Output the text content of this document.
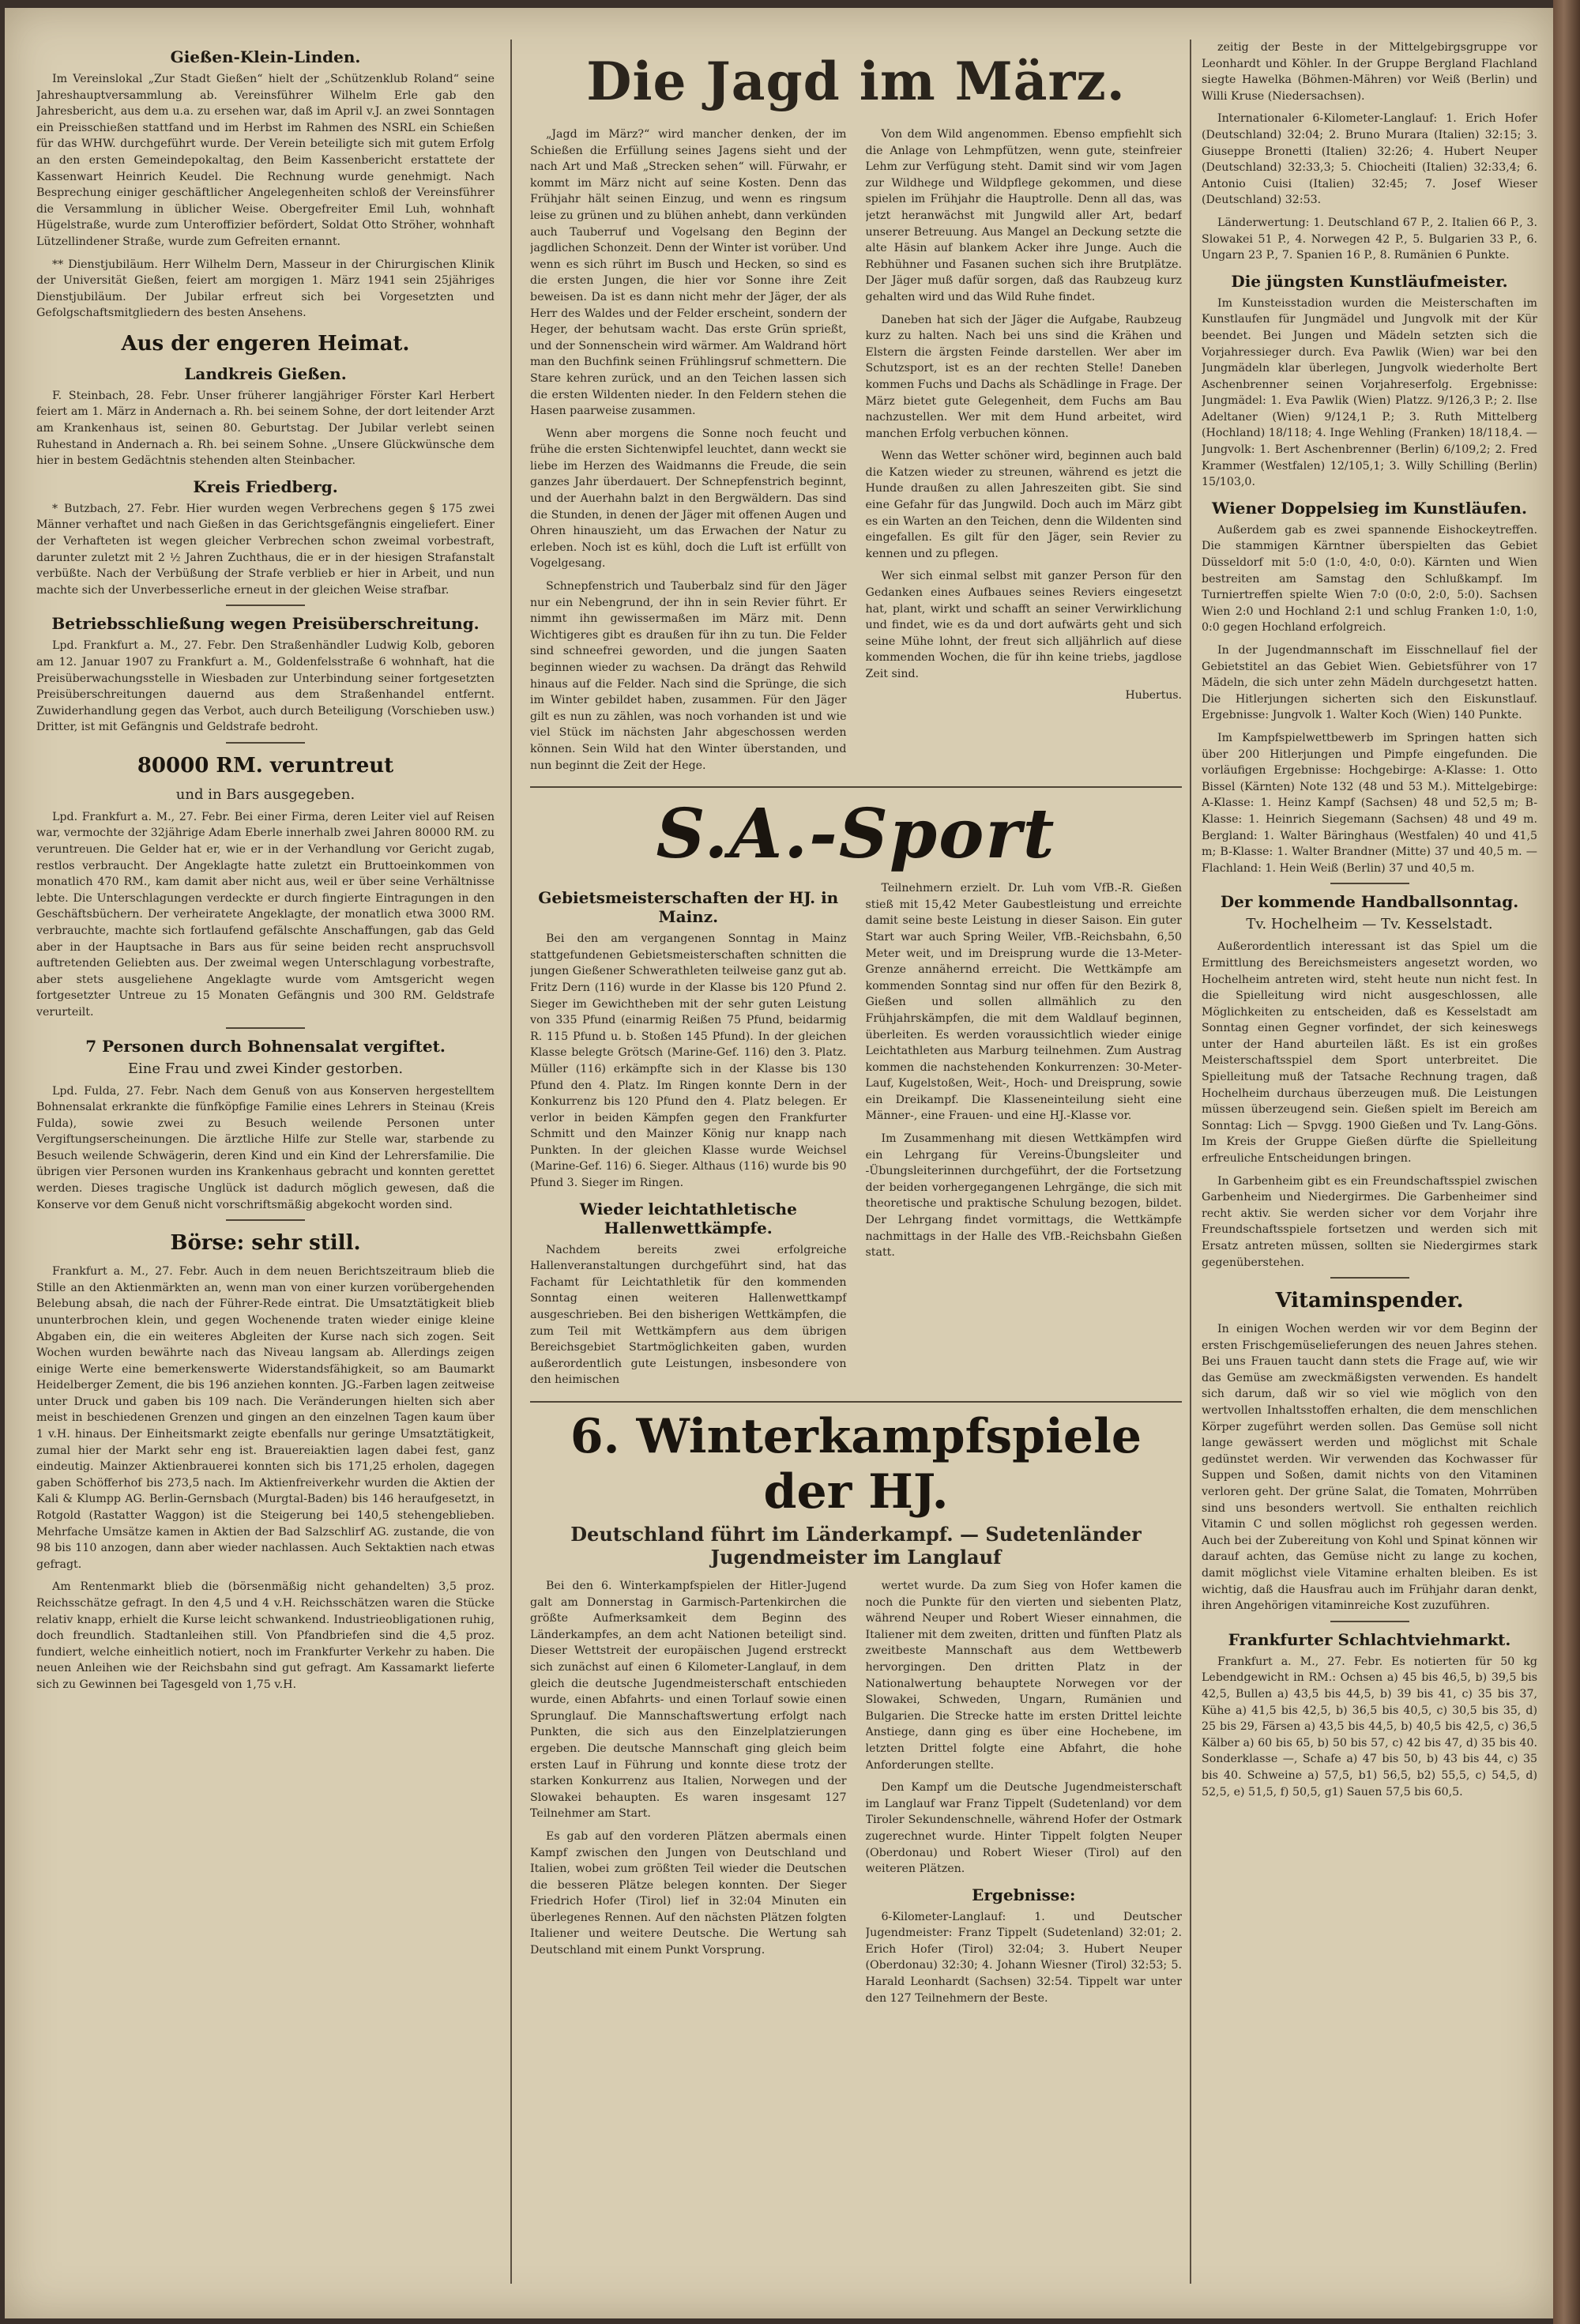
Gießen-Klein-Linden.

Im Vereinslokal „Zur Stadt Gießen“ hielt der „Schützenklub Roland“ seine Jahreshauptversammlung ab. Vereinsführer Wilhelm Erle gab den Jahresbericht, aus dem u.a. zu ersehen war, daß im April v.J. an zwei Sonntagen ein Preisschießen stattfand und im Herbst im Rahmen des NSRL ein Schießen für das WHW. durchgeführt wurde. Der Verein beteiligte sich mit gutem Erfolg an den ersten Gemeindepokaltag, den Beim Kassenbericht erstattete der Kassenwart Heinrich Keudel. Die Rechnung wurde genehmigt. Nach Besprechung einiger geschäftlicher Angelegenheiten schloß der Vereinsführer die Versammlung in üblicher Weise. Obergefreiter Emil Luh, wohnhaft Hügelstraße, wurde zum Unteroffizier befördert, Soldat Otto Ströher, wohnhaft Lützellindener Straße, wurde zum Gefreiten ernannt.

** Dienstjubiläum. Herr Wilhelm Dern, Masseur in der Chirurgischen Klinik der Universität Gießen, feiert am morgigen 1. März 1941 sein 25jähriges Dienstjubiläum. Der Jubilar erfreut sich bei Vorgesetzten und Gefolgschaftsmitgliedern des besten Ansehens.

Aus der engeren Heimat.
Landkreis Gießen.

F. Steinbach, 28. Febr. Unser früherer langjähriger Förster Karl Herbert feiert am 1. März in Andernach a. Rh. bei seinem Sohne, der dort leitender Arzt am Krankenhaus ist, seinen 80. Geburtstag. Der Jubilar verlebt seinen Ruhestand in Andernach a. Rh. bei seinem Sohne. „Unsere Glückwünsche dem hier in bestem Gedächtnis stehenden alten Steinbacher.

Kreis Friedberg.

* Butzbach, 27. Febr. Hier wurden wegen Verbrechens gegen § 175 zwei Männer verhaftet und nach Gießen in das Gerichtsgefängnis eingeliefert. Einer der Verhafteten ist wegen gleicher Verbrechen schon zweimal vorbestraft, darunter zuletzt mit 2 ½ Jahren Zuchthaus, die er in der hiesigen Strafanstalt verbüßte. Nach der Verbüßung der Strafe verblieb er hier in Arbeit, und nun machte sich der Unverbesserliche erneut in der gleichen Weise strafbar.

Betriebsschließung wegen Preisüberschreitung.

Lpd. Frankfurt a. M., 27. Febr. Den Straßenhändler Ludwig Kolb, geboren am 12. Januar 1907 zu Frankfurt a. M., Goldenfelsstraße 6 wohnhaft, hat die Preisüberwachungsstelle in Wiesbaden zur Unterbindung seiner fortgesetzten Preisüberschreitungen dauernd aus dem Straßenhandel entfernt. Zuwiderhandlung gegen das Verbot, auch durch Beteiligung (Vorschieben usw.) Dritter, ist mit Gefängnis und Geldstrafe bedroht.

80000 RM. veruntreut
und in Bars ausgegeben.

Lpd. Frankfurt a. M., 27. Febr. Bei einer Firma, deren Leiter viel auf Reisen war, vermochte der 32jährige Adam Eberle innerhalb zwei Jahren 80000 RM. zu veruntreuen. Die Gelder hat er, wie er in der Verhandlung vor Gericht zugab, restlos verbraucht. Der Angeklagte hatte zuletzt ein Bruttoeinkommen von monatlich 470 RM., kam damit aber nicht aus, weil er über seine Verhältnisse lebte. Die Unterschlagungen verdeckte er durch fingierte Eintragungen in den Geschäftsbüchern. Der verheiratete Angeklagte, der monatlich etwa 3000 RM. verbrauchte, machte sich fortlaufend gefälschte Anschaffungen, gab das Geld aber in der Hauptsache in Bars aus für seine beiden recht anspruchsvoll auftretenden Geliebten aus. Der zweimal wegen Unterschlagung vorbestrafte, aber stets ausgeliehene Angeklagte wurde vom Amtsgericht wegen fortgesetzter Untreue zu 15 Monaten Gefängnis und 300 RM. Geldstrafe verurteilt.

7 Personen durch Bohnensalat vergiftet.
Eine Frau und zwei Kinder gestorben.

Lpd. Fulda, 27. Febr. Nach dem Genuß von aus Konserven hergestelltem Bohnensalat erkrankte die fünfköpfige Familie eines Lehrers in Steinau (Kreis Fulda), sowie zwei zu Besuch weilende Personen unter Vergiftungserscheinungen. Die ärztliche Hilfe zur Stelle war, starbende zu Besuch weilende Schwägerin, deren Kind und ein Kind der Lehrersfamilie. Die übrigen vier Personen wurden ins Krankenhaus gebracht und konnten gerettet werden. Dieses tragische Unglück ist dadurch möglich gewesen, daß die Konserve vor dem Genuß nicht vorschriftsmäßig abgekocht worden sind.

Börse: sehr still.

Frankfurt a. M., 27. Febr. Auch in dem neuen Berichtszeitraum blieb die Stille an den Aktienmärkten an, wenn man von einer kurzen vorübergehenden Belebung absah, die nach der Führer-Rede eintrat. Die Umsatztätigkeit blieb ununterbrochen klein, und gegen Wochenende traten wieder einige kleine Abgaben ein, die ein weiteres Abgleiten der Kurse nach sich zogen. Seit Wochen wurden bewährte nach das Niveau langsam ab. Allerdings zeigen einige Werte eine bemerkenswerte Widerstandsfähigkeit, so am Baumarkt Heidelberger Zement, die bis 196 anziehen konnten. JG.-Farben lagen zeitweise unter Druck und gaben bis 109 nach. Die Veränderungen hielten sich aber meist in beschiedenen Grenzen und gingen an den einzelnen Tagen kaum über 1 v.H. hinaus. Der Einheitsmarkt zeigte ebenfalls nur geringe Umsatztätigkeit, zumal hier der Markt sehr eng ist. Brauereiaktien lagen dabei fest, ganz eindeutig. Mainzer Aktienbrauerei konnten sich bis 171,25 erholen, dagegen gaben Schöfferhof bis 273,5 nach. Im Aktienfreiverkehr wurden die Aktien der Kali & Klumpp AG. Berlin-Gernsbach (Murgtal-Baden) bis 146 heraufgesetzt, in Rotgold (Rastatter Waggon) ist die Steigerung bei 140,5 stehengeblieben. Mehrfache Umsätze kamen in Aktien der Bad Salzschlirf AG. zustande, die von 98 bis 110 anzogen, dann aber wieder nachlassen. Auch Sektaktien nach etwas gefragt.

Am Rentenmarkt blieb die (börsenmäßig nicht gehandelten) 3,5 proz. Reichsschätze gefragt. In den 4,5 und 4 v.H. Reichsschätzen waren die Stücke relativ knapp, erhielt die Kurse leicht schwankend. Industrieobligationen ruhig, doch freundlich. Stadtanleihen still. Von Pfandbriefen sind die 4,5 proz. fundiert, welche einheitlich notiert, noch im Frankfurter Verkehr zu haben. Die neuen Anleihen wie der Reichsbahn sind gut gefragt. Am Kassamarkt lieferte sich zu Gewinnen bei Tagesgeld von 1,75 v.H.

Die Jagd im März.

„Jagd im März?“ wird mancher denken, der im Schießen die Erfüllung seines Jagens sieht und der nach Art und Maß „Strecken sehen“ will. Fürwahr, er kommt im März nicht auf seine Kosten. Denn das Frühjahr hält seinen Einzug, und wenn es ringsum leise zu grünen und zu blühen anhebt, dann verkünden auch Tauberruf und Vogelsang den Beginn der jagdlichen Schonzeit. Denn der Winter ist vorüber. Und wenn es sich rührt im Busch und Hecken, so sind es die ersten Jungen, die hier vor Sonne ihre Zeit beweisen. Da ist es dann nicht mehr der Jäger, der als Herr des Waldes und der Felder erscheint, sondern der Heger, der behutsam wacht. Das erste Grün sprießt, und der Sonnenschein wird wärmer. Am Waldrand hört man den Buchfink seinen Frühlingsruf schmettern. Die Stare kehren zurück, und an den Teichen lassen sich die ersten Wildenten nieder. In den Feldern stehen die Hasen paarweise zusammen.

Wenn aber morgens die Sonne noch feucht und frühe die ersten Sichtenwipfel leuchtet, dann weckt sie liebe im Herzen des Waidmanns die Freude, die sein ganzes Jahr überdauert. Der Schnepfenstrich beginnt, und der Auerhahn balzt in den Bergwäldern. Das sind die Stunden, in denen der Jäger mit offenen Augen und Ohren hinauszieht, um das Erwachen der Natur zu erleben. Noch ist es kühl, doch die Luft ist erfüllt von Vogelgesang.

Schnepfenstrich und Tauberbalz sind für den Jäger nur ein Nebengrund, der ihn in sein Revier führt. Er nimmt ihn gewissermaßen im März mit. Denn Wichtigeres gibt es draußen für ihn zu tun. Die Felder sind schneefrei geworden, und die jungen Saaten beginnen wieder zu wachsen. Da drängt das Rehwild hinaus auf die Felder. Nach sind die Sprünge, die sich im Winter gebildet haben, zusammen. Für den Jäger gilt es nun zu zählen, was noch vorhanden ist und wie viel Stück im nächsten Jahr abgeschossen werden können. Sein Wild hat den Winter überstanden, und nun beginnt die Zeit der Hege.

Von dem Wild angenommen. Ebenso empfiehlt sich die Anlage von Lehmpfützen, wenn gute, steinfreier Lehm zur Verfügung steht. Damit sind wir vom Jagen zur Wildhege und Wildpflege gekommen, und diese spielen im Frühjahr die Hauptrolle. Denn all das, was jetzt heranwächst mit Jungwild aller Art, bedarf unserer Betreuung. Aus Mangel an Deckung setzte die alte Häsin auf blankem Acker ihre Junge. Auch die Rebhühner und Fasanen suchen sich ihre Brutplätze. Der Jäger muß dafür sorgen, daß das Raubzeug kurz gehalten wird und das Wild Ruhe findet.

Daneben hat sich der Jäger die Aufgabe, Raubzeug kurz zu halten. Nach bei uns sind die Krähen und Elstern die ärgsten Feinde darstellen. Wer aber im Schutzsport, ist es an der rechten Stelle! Daneben kommen Fuchs und Dachs als Schädlinge in Frage. Der März bietet gute Gelegenheit, dem Fuchs am Bau nachzustellen. Wer mit dem Hund arbeitet, wird manchen Erfolg verbuchen können.

Wenn das Wetter schöner wird, beginnen auch bald die Katzen wieder zu streunen, während es jetzt die Hunde draußen zu allen Jahreszeiten gibt. Sie sind eine Gefahr für das Jungwild. Doch auch im März gibt es ein Warten an den Teichen, denn die Wildenten sind eingefallen. Es gilt für den Jäger, sein Revier zu kennen und zu pflegen.

Wer sich einmal selbst mit ganzer Person für den Gedanken eines Aufbaues seines Reviers eingesetzt hat, plant, wirkt und schafft an seiner Verwirklichung und findet, wie es da und dort aufwärts geht und sich seine Mühe lohnt, der freut sich alljährlich auf diese kommenden Wochen, die für ihn keine triebs, jagdlose Zeit sind.

Hubertus.
S.A.-Sport
Gebietsmeisterschaften der HJ. in Mainz.

Bei den am vergangenen Sonntag in Mainz stattgefundenen Gebietsmeisterschaften schnitten die jungen Gießener Schwerathleten teilweise ganz gut ab. Fritz Dern (116) wurde in der Klasse bis 120 Pfund 2. Sieger im Gewichtheben mit der sehr guten Leistung von 335 Pfund (einarmig Reißen 75 Pfund, beidarmig R. 115 Pfund u. b. Stoßen 145 Pfund). In der gleichen Klasse belegte Grötsch (Marine-Gef. 116) den 3. Platz. Müller (116) erkämpfte sich in der Klasse bis 130 Pfund den 4. Platz. Im Ringen konnte Dern in der Konkurrenz bis 120 Pfund den 4. Platz belegen. Er verlor in beiden Kämpfen gegen den Frankfurter Schmitt und den Mainzer König nur knapp nach Punkten. In der gleichen Klasse wurde Weichsel (Marine-Gef. 116) 6. Sieger. Althaus (116) wurde bis 90 Pfund 3. Sieger im Ringen.

Wieder leichtathletische Hallenwettkämpfe.

Nachdem bereits zwei erfolgreiche Hallenveranstaltungen durchgeführt sind, hat das Fachamt für Leichtathletik für den kommenden Sonntag einen weiteren Hallenwettkampf ausgeschrieben. Bei den bisherigen Wettkämpfen, die zum Teil mit Wettkämpfern aus dem übrigen Bereichsgebiet Startmöglichkeiten gaben, wurden außerordentlich gute Leistungen, insbesondere von den heimischen

Teilnehmern erzielt. Dr. Luh vom VfB.-R. Gießen stieß mit 15,42 Meter Gaubestleistung und erreichte damit seine beste Leistung in dieser Saison. Ein guter Start war auch Spring Weiler, VfB.-Reichsbahn, 6,50 Meter weit, und im Dreisprung wurde die 13-Meter-Grenze annähernd erreicht. Die Wettkämpfe am kommenden Sonntag sind nur offen für den Bezirk 8, Gießen und sollen allmählich zu den Frühjahrskämpfen, die mit dem Waldlauf beginnen, überleiten. Es werden voraussichtlich wieder einige Leichtathleten aus Marburg teilnehmen. Zum Austrag kommen die nachstehenden Konkurrenzen: 30-Meter-Lauf, Kugelstoßen, Weit-, Hoch- und Dreisprung, sowie ein Dreikampf. Die Klasseneinteilung sieht eine Männer-, eine Frauen- und eine HJ.-Klasse vor.

Im Zusammenhang mit diesen Wettkämpfen wird ein Lehrgang für Vereins-Übungsleiter und -Übungsleiterinnen durchgeführt, der die Fortsetzung der beiden vorhergegangenen Lehrgänge, die sich mit theoretische und praktische Schulung bezogen, bildet. Der Lehrgang findet vormittags, die Wettkämpfe nachmittags in der Halle des VfB.-Reichsbahn Gießen statt.

6. Winterkampfspiele der HJ.
Deutschland führt im Länderkampf. — Sudetenländer Jugendmeister im Langlauf

Bei den 6. Winterkampfspielen der Hitler-Jugend galt am Donnerstag in Garmisch-Partenkirchen die größte Aufmerksamkeit dem Beginn des Länderkampfes, an dem acht Nationen beteiligt sind. Dieser Wettstreit der europäischen Jugend erstreckt sich zunächst auf einen 6 Kilometer-Langlauf, in dem gleich die deutsche Jugendmeisterschaft entschieden wurde, einen Abfahrts- und einen Torlauf sowie einen Sprunglauf. Die Mannschaftswertung erfolgt nach Punkten, die sich aus den Einzelplatzierungen ergeben. Die deutsche Mannschaft ging gleich beim ersten Lauf in Führung und konnte diese trotz der starken Konkurrenz aus Italien, Norwegen und der Slowakei behaupten. Es waren insgesamt 127 Teilnehmer am Start.

Es gab auf den vorderen Plätzen abermals einen Kampf zwischen den Jungen von Deutschland und Italien, wobei zum größten Teil wieder die Deutschen die besseren Plätze belegen konnten. Der Sieger Friedrich Hofer (Tirol) lief in 32:04 Minuten ein überlegenes Rennen. Auf den nächsten Plätzen folgten Italiener und weitere Deutsche. Die Wertung sah Deutschland mit einem Punkt Vorsprung.

wertet wurde. Da zum Sieg von Hofer kamen die noch die Punkte für den vierten und siebenten Platz, während Neuper und Robert Wieser einnahmen, die Italiener mit dem zweiten, dritten und fünften Platz als zweitbeste Mannschaft aus dem Wettbewerb hervorgingen. Den dritten Platz in der Nationalwertung behauptete Norwegen vor der Slowakei, Schweden, Ungarn, Rumänien und Bulgarien. Die Strecke hatte im ersten Drittel leichte Anstiege, dann ging es über eine Hochebene, im letzten Drittel folgte eine Abfahrt, die hohe Anforderungen stellte.

Den Kampf um die Deutsche Jugendmeisterschaft im Langlauf war Franz Tippelt (Sudetenland) vor dem Tiroler Sekundenschnelle, während Hofer der Ostmark zugerechnet wurde. Hinter Tippelt folgten Neuper (Oberdonau) und Robert Wieser (Tirol) auf den weiteren Plätzen.

Ergebnisse:

6-Kilometer-Langlauf: 1. und Deutscher Jugendmeister: Franz Tippelt (Sudetenland) 32:01; 2. Erich Hofer (Tirol) 32:04; 3. Hubert Neuper (Oberdonau) 32:30; 4. Johann Wiesner (Tirol) 32:53; 5. Harald Leonhardt (Sachsen) 32:54. Tippelt war unter den 127 Teilnehmern der Beste.

zeitig der Beste in der Mittelgebirgsgruppe vor Leonhardt und Köhler. In der Gruppe Bergland Flachland siegte Hawelka (Böhmen-Mähren) vor Weiß (Berlin) und Willi Kruse (Niedersachsen).

Internationaler 6-Kilometer-Langlauf: 1. Erich Hofer (Deutschland) 32:04; 2. Bruno Murara (Italien) 32:15; 3. Giuseppe Bronetti (Italien) 32:26; 4. Hubert Neuper (Deutschland) 32:33,3; 5. Chiocheiti (Italien) 32:33,4; 6. Antonio Cuisi (Italien) 32:45; 7. Josef Wieser (Deutschland) 32:53.

Länderwertung: 1. Deutschland 67 P., 2. Italien 66 P., 3. Slowakei 51 P., 4. Norwegen 42 P., 5. Bulgarien 33 P., 6. Ungarn 23 P., 7. Spanien 16 P., 8. Rumänien 6 Punkte.

Die jüngsten Kunstläufmeister.

Im Kunsteisstadion wurden die Meisterschaften im Kunstlaufen für Jungmädel und Jungvolk mit der Kür beendet. Bei Jungen und Mädeln setzten sich die Vorjahressieger durch. Eva Pawlik (Wien) war bei den Jungmädeln klar überlegen, Jungvolk wiederholte Bert Aschenbrenner seinen Vorjahreserfolg. Ergebnisse: Jungmädel: 1. Eva Pawlik (Wien) Platzz. 9/126,3 P.; 2. Ilse Adeltaner (Wien) 9/124,1 P.; 3. Ruth Mittelberg (Hochland) 18/118; 4. Inge Wehling (Franken) 18/118,4. — Jungvolk: 1. Bert Aschenbrenner (Berlin) 6/109,2; 2. Fred Krammer (Westfalen) 12/105,1; 3. Willy Schilling (Berlin) 15/103,0.

Wiener Doppelsieg im Kunstläufen.

Außerdem gab es zwei spannende Eishockeytreffen. Die stammigen Kärntner überspielten das Gebiet Düsseldorf mit 5:0 (1:0, 4:0, 0:0). Kärnten und Wien bestreiten am Samstag den Schlußkampf. Im Turniertreffen spielte Wien 7:0 (0:0, 2:0, 5:0). Sachsen Wien 2:0 und Hochland 2:1 und schlug Franken 1:0, 1:0, 0:0 gegen Hochland erfolgreich.

In der Jugendmannschaft im Eisschnellauf fiel der Gebietstitel an das Gebiet Wien. Gebietsführer von 17 Mädeln, die sich unter zehn Mädeln durchgesetzt hatten. Die Hitlerjungen sicherten sich den Eiskunstlauf. Ergebnisse: Jungvolk 1. Walter Koch (Wien) 140 Punkte.

Im Kampfspielwettbewerb im Springen hatten sich über 200 Hitlerjungen und Pimpfe eingefunden. Die vorläufigen Ergebnisse: Hochgebirge: A-Klasse: 1. Otto Bissel (Kärnten) Note 132 (48 und 53 M.). Mittelgebirge: A-Klasse: 1. Heinz Kampf (Sachsen) 48 und 52,5 m; B-Klasse: 1. Heinrich Siegemann (Sachsen) 48 und 49 m. Bergland: 1. Walter Bäringhaus (Westfalen) 40 und 41,5 m; B-Klasse: 1. Walter Brandner (Mitte) 37 und 40,5 m. — Flachland: 1. Hein Weiß (Berlin) 37 und 40,5 m.

Der kommende Handballsonntag.
Tv. Hochelheim — Tv. Kesselstadt.

Außerordentlich interessant ist das Spiel um die Ermittlung des Bereichsmeisters angesetzt worden, wo Hochelheim antreten wird, steht heute nun nicht fest. In die Spielleitung wird nicht ausgeschlossen, alle Möglichkeiten zu entscheiden, daß es Kesselstadt am Sonntag einen Gegner vorfindet, der sich keineswegs unter der Hand aburteilen läßt. Es ist ein großes Meisterschaftsspiel dem Sport unterbreitet. Die Spielleitung muß der Tatsache Rechnung tragen, daß Hochelheim durchaus überzeugen muß. Die Leistungen müssen überzeugend sein. Gießen spielt im Bereich am Sonntag: Lich — Spvgg. 1900 Gießen und Tv. Lang-Göns. Im Kreis der Gruppe Gießen dürfte die Spielleitung erfreuliche Entscheidungen bringen.

In Garbenheim gibt es ein Freundschaftsspiel zwischen Garbenheim und Niedergirmes. Die Garbenheimer sind recht aktiv. Sie werden sicher vor dem Vorjahr ihre Freundschaftsspiele fortsetzen und werden sich mit Ersatz antreten müssen, sollten sie Niedergirmes stark gegenüberstehen.

Vitaminspender.

In einigen Wochen werden wir vor dem Beginn der ersten Frischgemüselieferungen des neuen Jahres stehen. Bei uns Frauen taucht dann stets die Frage auf, wie wir das Gemüse am zweckmäßigsten verwenden. Es handelt sich darum, daß wir so viel wie möglich von den wertvollen Inhaltsstoffen erhalten, die dem menschlichen Körper zugeführt werden sollen. Das Gemüse soll nicht lange gewässert werden und möglichst mit Schale gedünstet werden. Wir verwenden das Kochwasser für Suppen und Soßen, damit nichts von den Vitaminen verloren geht. Der grüne Salat, die Tomaten, Mohrrüben sind uns besonders wertvoll. Sie enthalten reichlich Vitamin C und sollen möglichst roh gegessen werden. Auch bei der Zubereitung von Kohl und Spinat können wir darauf achten, das Gemüse nicht zu lange zu kochen, damit möglichst viele Vitamine erhalten bleiben. Es ist wichtig, daß die Hausfrau auch im Frühjahr daran denkt, ihren Angehörigen vitaminreiche Kost zuzuführen.

Frankfurter Schlachtviehmarkt.

Frankfurt a. M., 27. Febr. Es notierten für 50 kg Lebendgewicht in RM.: Ochsen a) 45 bis 46,5, b) 39,5 bis 42,5, Bullen a) 43,5 bis 44,5, b) 39 bis 41, c) 35 bis 37, Kühe a) 41,5 bis 42,5, b) 36,5 bis 40,5, c) 30,5 bis 35, d) 25 bis 29, Färsen a) 43,5 bis 44,5, b) 40,5 bis 42,5, c) 36,5 Kälber a) 60 bis 65, b) 50 bis 57, c) 42 bis 47, d) 35 bis 40. Sonderklasse —, Schafe a) 47 bis 50, b) 43 bis 44, c) 35 bis 40. Schweine a) 57,5, b1) 56,5, b2) 55,5, c) 54,5, d) 52,5, e) 51,5, f) 50,5, g1) Sauen 57,5 bis 60,5.
